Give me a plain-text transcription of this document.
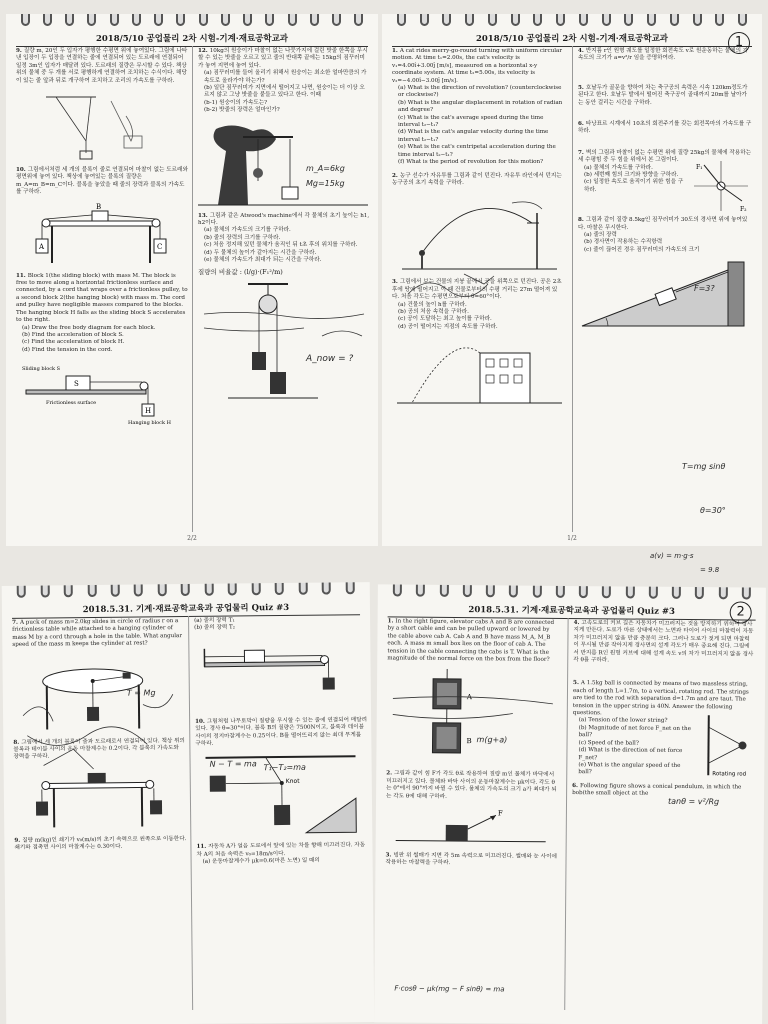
2018/5/10 공업물리 2차 시험-기계·재료공학교과
9. 질량 m, 20인 두 입자가 평행한 수평면 위에 놓여있다. 그림에 나타낸 입장이 두 입장을 연결하는 줄에 연결되어 있는 도르래에 연결되어 일정 3m인 입자가 매달려 있다. 도르래의 질량은 무시할 수 있다. 책상 위의 물체 중 두 개를 서로 평행하게 연결하여 조치하는 수식이다. 해당이 있는 줄 앞과 뒤로 개구하여 조치하고 조리의 가속도를 구하라.
10. 그림에서처럼 세 개의 블록이 줄로 연결되어 마찰이 없는 도르래와 평면위에 놓여 있다. 책상에 놓여있는 블록의 질량은 m_A=m_B=m_C이다. 블록을 놓았을 때 줄의 장력과 블록의 가속도를 구하라.
B
A	C
11. Block 1(the sliding block) with mass M. The block is free to move along a horizontal frictionless surface and connected, by a cord that wraps over a frictionless pulley, to a second block 2(the hanging block) with mass m. The cord and pulley have negligible masses compared to the blocks. The hanging block H falls as the sliding block S accelerates to the right.
(a) Draw the free body diagram for each block.
(b) Find the acceleration of block S.
(c) Find the acceleration of block H.
(d) Find the tension in the cord.
S
H
Sliding block S
Frictionless surface
Hanging block H
12. 10kg의 원숭이가 마찰이 없는 나뭇가지에 걸린 밧줄 한쪽을 무시할 수 있는 밧줄을 오르고 있고 줄의 반대쪽 끝에는 15kg의 짐꾸러미가 놓여 지면에 놓여 있다.
(a) 짐꾸러미를 들어 올리기 위해서 원숭이는 최소한 얼마만큼의 가속도로 올라가야 하는가?
(b) 일단 짐꾸러미가 지면에서 떨어지고 나면, 원숭이는 더 이상 오르지 않고 그냥 밧줄을 붙들고 있다고 한다. 이때
(b-1) 원숭이의 가속도는?
(b-2) 밧줄의 장력은 얼마인가?
13. 그림과 같은 Atwood's machine에서 각 물체의 초기 높이는 h1, h2이다.
(a) 물체의 가속도의 크기를 구하라.
(b) 줄의 장력의 크기를 구하라.
(c) 처음 정지해 있던 물체가 움직인 뒤 t초 후의 위치를 구하라.
(d) 두 물체의 높이가 같아지는 시간을 구하라.
(e) 물체의 가속도가 최대가 되는 시간을 구하라.
질량의 비율값 : (l/g)·(F₁²/m)
2/2
m_A=6kg
Mg=15kg
A_now = ?
2018/5/10 공업물리 2차 시험-기계·재료공학교과	1
1. A cat rides merry-go-round turning with uniform circular motion. At time t₁=2.00s, the cat's velocity is v₁=4.00î+3.00ĵ [m/s], measured on a horizontal x-y coordinate system. At time t₂=5.00s, its velocity is v₂=−4.00î−3.00ĵ [m/s].
(a) What is the direction of revolution? (counterclockwise or clockwise?)
(b) What is the angular displacement in rotation of radian and degree?
(c) What is the cat's average speed during the time interval t₂−t₁?
(d) What is the cat's angular velocity during the time interval t₂−t₁?
(e) What is the cat's centripetal acceleration during the time interval t₂−t₁?
(f) What is the period of revolution for this motion?
2. 농구 선수가 자유투를 그림과 같이 던진다. 자유투 라인에서 던지는 농구공의 초기 속력을 구하라.
3. 그림에서 보는 건물의 지붕 끝에서 공을 위쪽으로 던진다. 공은 2초 후에 땅에 떨어지고 이 때 건물로부터의 수평 거리는 27m 떨어져 있다. 처음 각도는 수평면으로부터 θ=60°이다.
(a) 건물의 높이 h를 구하라.
(b) 공의 처음 속력을 구하라.
(c) 공이 도달하는 최고 높이를 구하라.
(d) 공이 떨어지는 지점의 속도를 구하라.
4. 반지름 r인 원형 궤도를 일정한 회전속도 v로 원운동하는 물체의 가속도의 크기가 a=v²/r 임을 증명하여라.
5. 호날두가 골문을 향하여 차는 축구공의 속력은 시속 120km정도가 된다고 한다. 호날두 발에서 떨어진 축구공이 골대까지 20m를 날아가는 동안 걸리는 시간을 구하라.
6. 타낭표르 시계에서 10초의 회전주기를 갖는 회전목마의 가속도를 구하라.
7. 벽의 그림과 마찰이 없는 수평면 위에 질량 25kg의 물체에 작용하는 세 수평힘 중 두 힘을 위에서 본 그림이다.
F₁
F₂
(a) 물체의 가속도를 구하라.
(b) 세번째 힘의 크기와 방향을 구하라.
(c) 일정한 속도로 움직이기 위한 힘을 구하라.
8. 그림과 같이 질량 8.5kg인 짐꾸러미가 30도의 경사면 위에 놓여있다. 마찰은 무시한다.
(a) 줄의 장력
(b) 경사면이 작용하는 수직항력
(c) 줄이 끊어진 경우 짐꾸러미의 가속도의 크기
1/2
F=3?
T=mg sinθ
θ=30°
a(v) = m·g·s
= 9.8
2018.5.31. 기계·재료공학교육과 공업물리 Quiz #3
7. A puck of mass m=2.0kg slides in circle of radius r on a frictionless table while attached to a hanging cylinder of mass M by a cord through a hole in the table. What angular speed of the mass m keeps the cylinder at rest?
8. 그림에서 세 개의 블록이 줄과 도르래로서 연결되어 있다. 책상 위의 블록과 테이블 사이의 운동 마찰계수는 0.2이다. 각 블록의 가속도와 장력을 구하라.
9. 질량 m(kg)인 쇄기가 v₀(m/s)의 초기 속력으로 왼쪽으로 이동한다. 쇄기와 접촉면 사이의 마찰계수는 0.30이다.
(a) 줄의 장력 T₁
(b) 줄의 장력 T₂
10. 그림처럼 나무토막이 질량을 무시할 수 있는 줄에 연결되어 매달려 있다. 경사 θ=30°이다. 블록 B의 질량은 7500N이고, 블록과 테이블 사이의 정지마찰계수는 0.25이다. B를 떨어뜨리지 않는 최대 무게를 구하라.
Knot
11. 자동차 A가 얼음 도로에서 앞에 있는 차를 향해 미끄러진다. 자동차 A의 처음 속력은 v₀=18m/s이다.
(a) 운동마찰계수가 μk=0.6(마른 노면) 일 때의
T = Mg
N − T = ma T₁−T₂=ma
2018.5.31. 기계·재료공학교육과 공업물리 Quiz #3	2
1. In the right figure, elevator cabs A and B are connected by a short cable and can be pulled upward or lowered by the cable above cab A. Cab A and B have mass M_A, M_B each. A mass m small box lies on the floor of cab A. The tension in the cable connecting the cabs is T. What is the magnitude of the normal force on the box from the floor?
A
B
2. 그림과 같이 힘 F가 각도 θ로 작용하여 질량 m인 물체가 바닥에서 미끄러지고 있다. 물체와 바닥 사이의 운동마찰계수는 μk이다. 각도 θ는 0°에서 90°까지 바뀔 수 있다. 물체의 가속도의 크기 a가 최대가 되는 각도 θ에 대해 구하라.
F
3. 빙판 위 썰매가 지면 각 5m 속력으로 미끄러진다. 썰매와 눈 사이에 작용하는 마찰력을 구하라.
4. 고속도로의 커브 길은 자동차가 미끄러지는 것을 방지하기 위하여 경사지게 만든다. 도로가 마른 상태에서는 노면과 타이어 사이의 마찰력이 자동차가 미끄러지지 않을 만큼 충분히 크다. 그러나 도로가 젖게 되면 마찰력이 무시될 만큼 작아지게 경사면의 설계 각도가 매우 중요해 진다. 그림에서 반지름 R인 원형 커브에 대해 설계 속도 v의 차가 미끄러지지 않을 경사각 θ를 구하라.
5. A 1.5kg ball is connected by means of two massless string, each of length L=1.7m, to a vertical, rotating rod. The strings are tied to the rod with separation d=1.7m and are taut. The tension in the upper string is 40N. Answer the following questions.
Rotating rod
(a) Tension of the lower string?
(b) Magnitude of net force F_net on the ball?
(c) Speed of the ball?
(d) What is the direction of net force F_net?
(e) What is the angular speed of the ball?
6. Following figure shows a conical pendulum, in which the bob(the small object at the
m(g+a)
F·cosθ − μk(mg − F sinθ) = ma
tanθ = v²/Rg
